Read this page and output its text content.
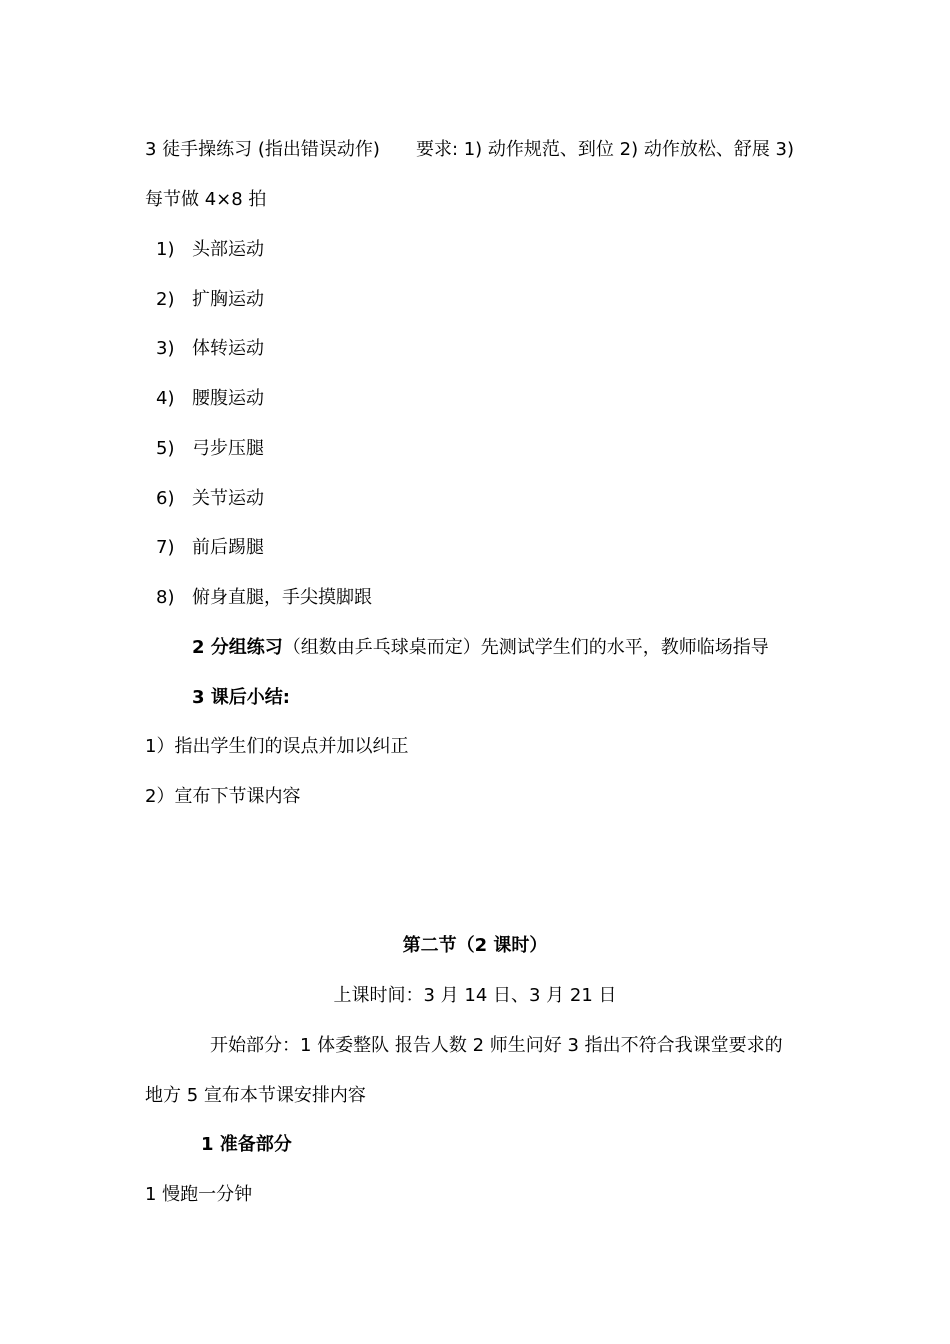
3 徒手操练习 (指出错误动作)　　要求: 1) 动作规范、到位 2) 动作放松、舒展 3)
每节做 4×8 拍
1) 头部运动
2) 扩胸运动
3) 体转运动
4) 腰腹运动
5) 弓步压腿
6) 关节运动
7) 前后踢腿
8) 俯身直腿，手尖摸脚跟
2 分组练习（组数由乒乓球桌而定）先测试学生们的水平，教师临场指导
3 课后小结:
1）指出学生们的误点并加以纠正
2）宣布下节课内容
第二节（2 课时）
上课时间：3 月 14 日、3 月 21 日
开始部分：1 体委整队 报告人数 2 师生问好 3 指出不符合我课堂要求的
地方 5 宣布本节课安排内容
1 准备部分
1 慢跑一分钟
